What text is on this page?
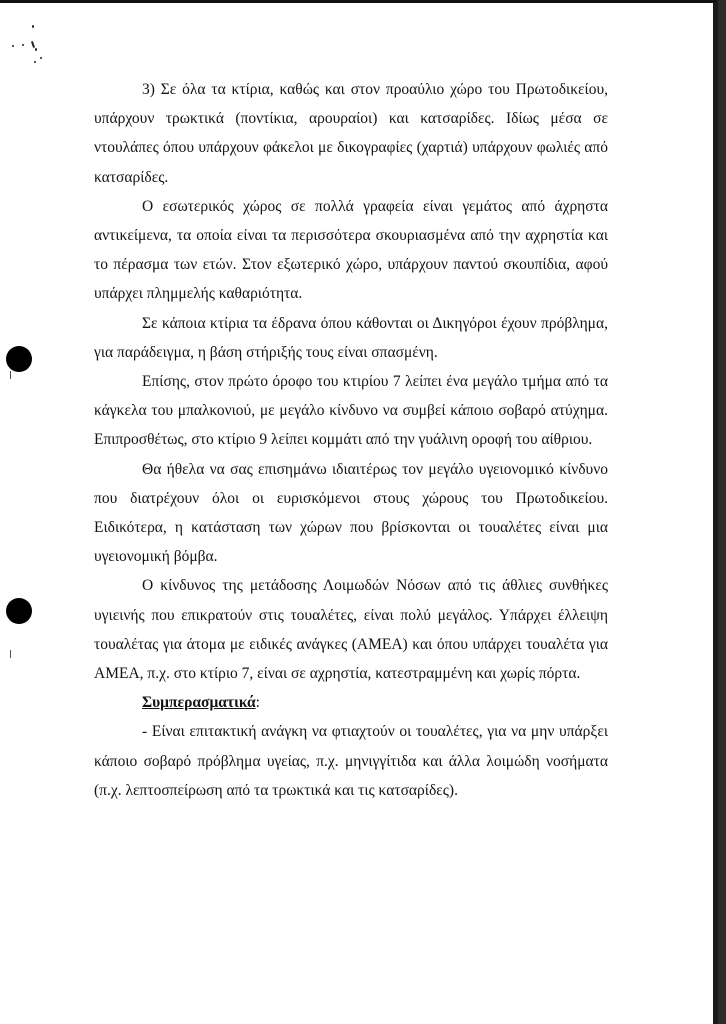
3) Σε όλα τα κτίρια, καθώς και στον προαύλιο χώρο του Πρωτοδικείου, υπάρχουν τρωκτικά (ποντίκια, αρουραίοι) και κατσαρίδες. Ιδίως μέσα σε ντουλάπες όπου υπάρχουν φάκελοι με δικογραφίες (χαρτιά) υπάρχουν φωλιές από κατσαρίδες.

Ο εσωτερικός χώρος σε πολλά γραφεία είναι γεμάτος από άχρηστα αντικείμενα, τα οποία είναι τα περισσότερα σκουριασμένα από την αχρηστία και το πέρασμα των ετών. Στον εξωτερικό χώρο, υπάρχουν παντού σκουπίδια, αφού υπάρχει πλημμελής καθαριότητα.

Σε κάποια κτίρια τα έδρανα όπου κάθονται οι Δικηγόροι έχουν πρόβλημα, για παράδειγμα, η βάση στήριξής τους είναι σπασμένη.

Επίσης, στον πρώτο όροφο του κτιρίου 7 λείπει ένα μεγάλο τμήμα από τα κάγκελα του μπαλκονιού, με μεγάλο κίνδυνο να συμβεί κάποιο σοβαρό ατύχημα. Επιπροσθέτως, στο κτίριο 9 λείπει κομμάτι από την γυάλινη οροφή του αίθριου.

Θα ήθελα να σας επισημάνω ιδιαιτέρως τον μεγάλο υγειονομικό κίνδυνο που διατρέχουν όλοι οι ευρισκόμενοι στους χώρους του Πρωτοδικείου. Ειδικότερα, η κατάσταση των χώρων που βρίσκονται οι τουαλέτες είναι μια υγειονομική βόμβα.

Ο κίνδυνος της μετάδοσης Λοιμωδών Νόσων από τις άθλιες συνθήκες υγιεινής που επικρατούν στις τουαλέτες, είναι πολύ μεγάλος. Υπάρχει έλλειψη τουαλέτας για άτομα με ειδικές ανάγκες (ΑΜΕΑ) και όπου υπάρχει τουαλέτα για ΑΜΕΑ, π.χ. στο κτίριο 7, είναι σε αχρηστία, κατεστραμμένη και χωρίς πόρτα.

Συμπερασματικά:

- Είναι επιτακτική ανάγκη να φτιαχτούν οι τουαλέτες, για να μην υπάρξει κάποιο σοβαρό πρόβλημα υγείας, π.χ. μηνιγγίτιδα και άλλα λοιμώδη νοσήματα (π.χ. λεπτοσπείρωση από τα τρωκτικά και τις κατσαρίδες).
